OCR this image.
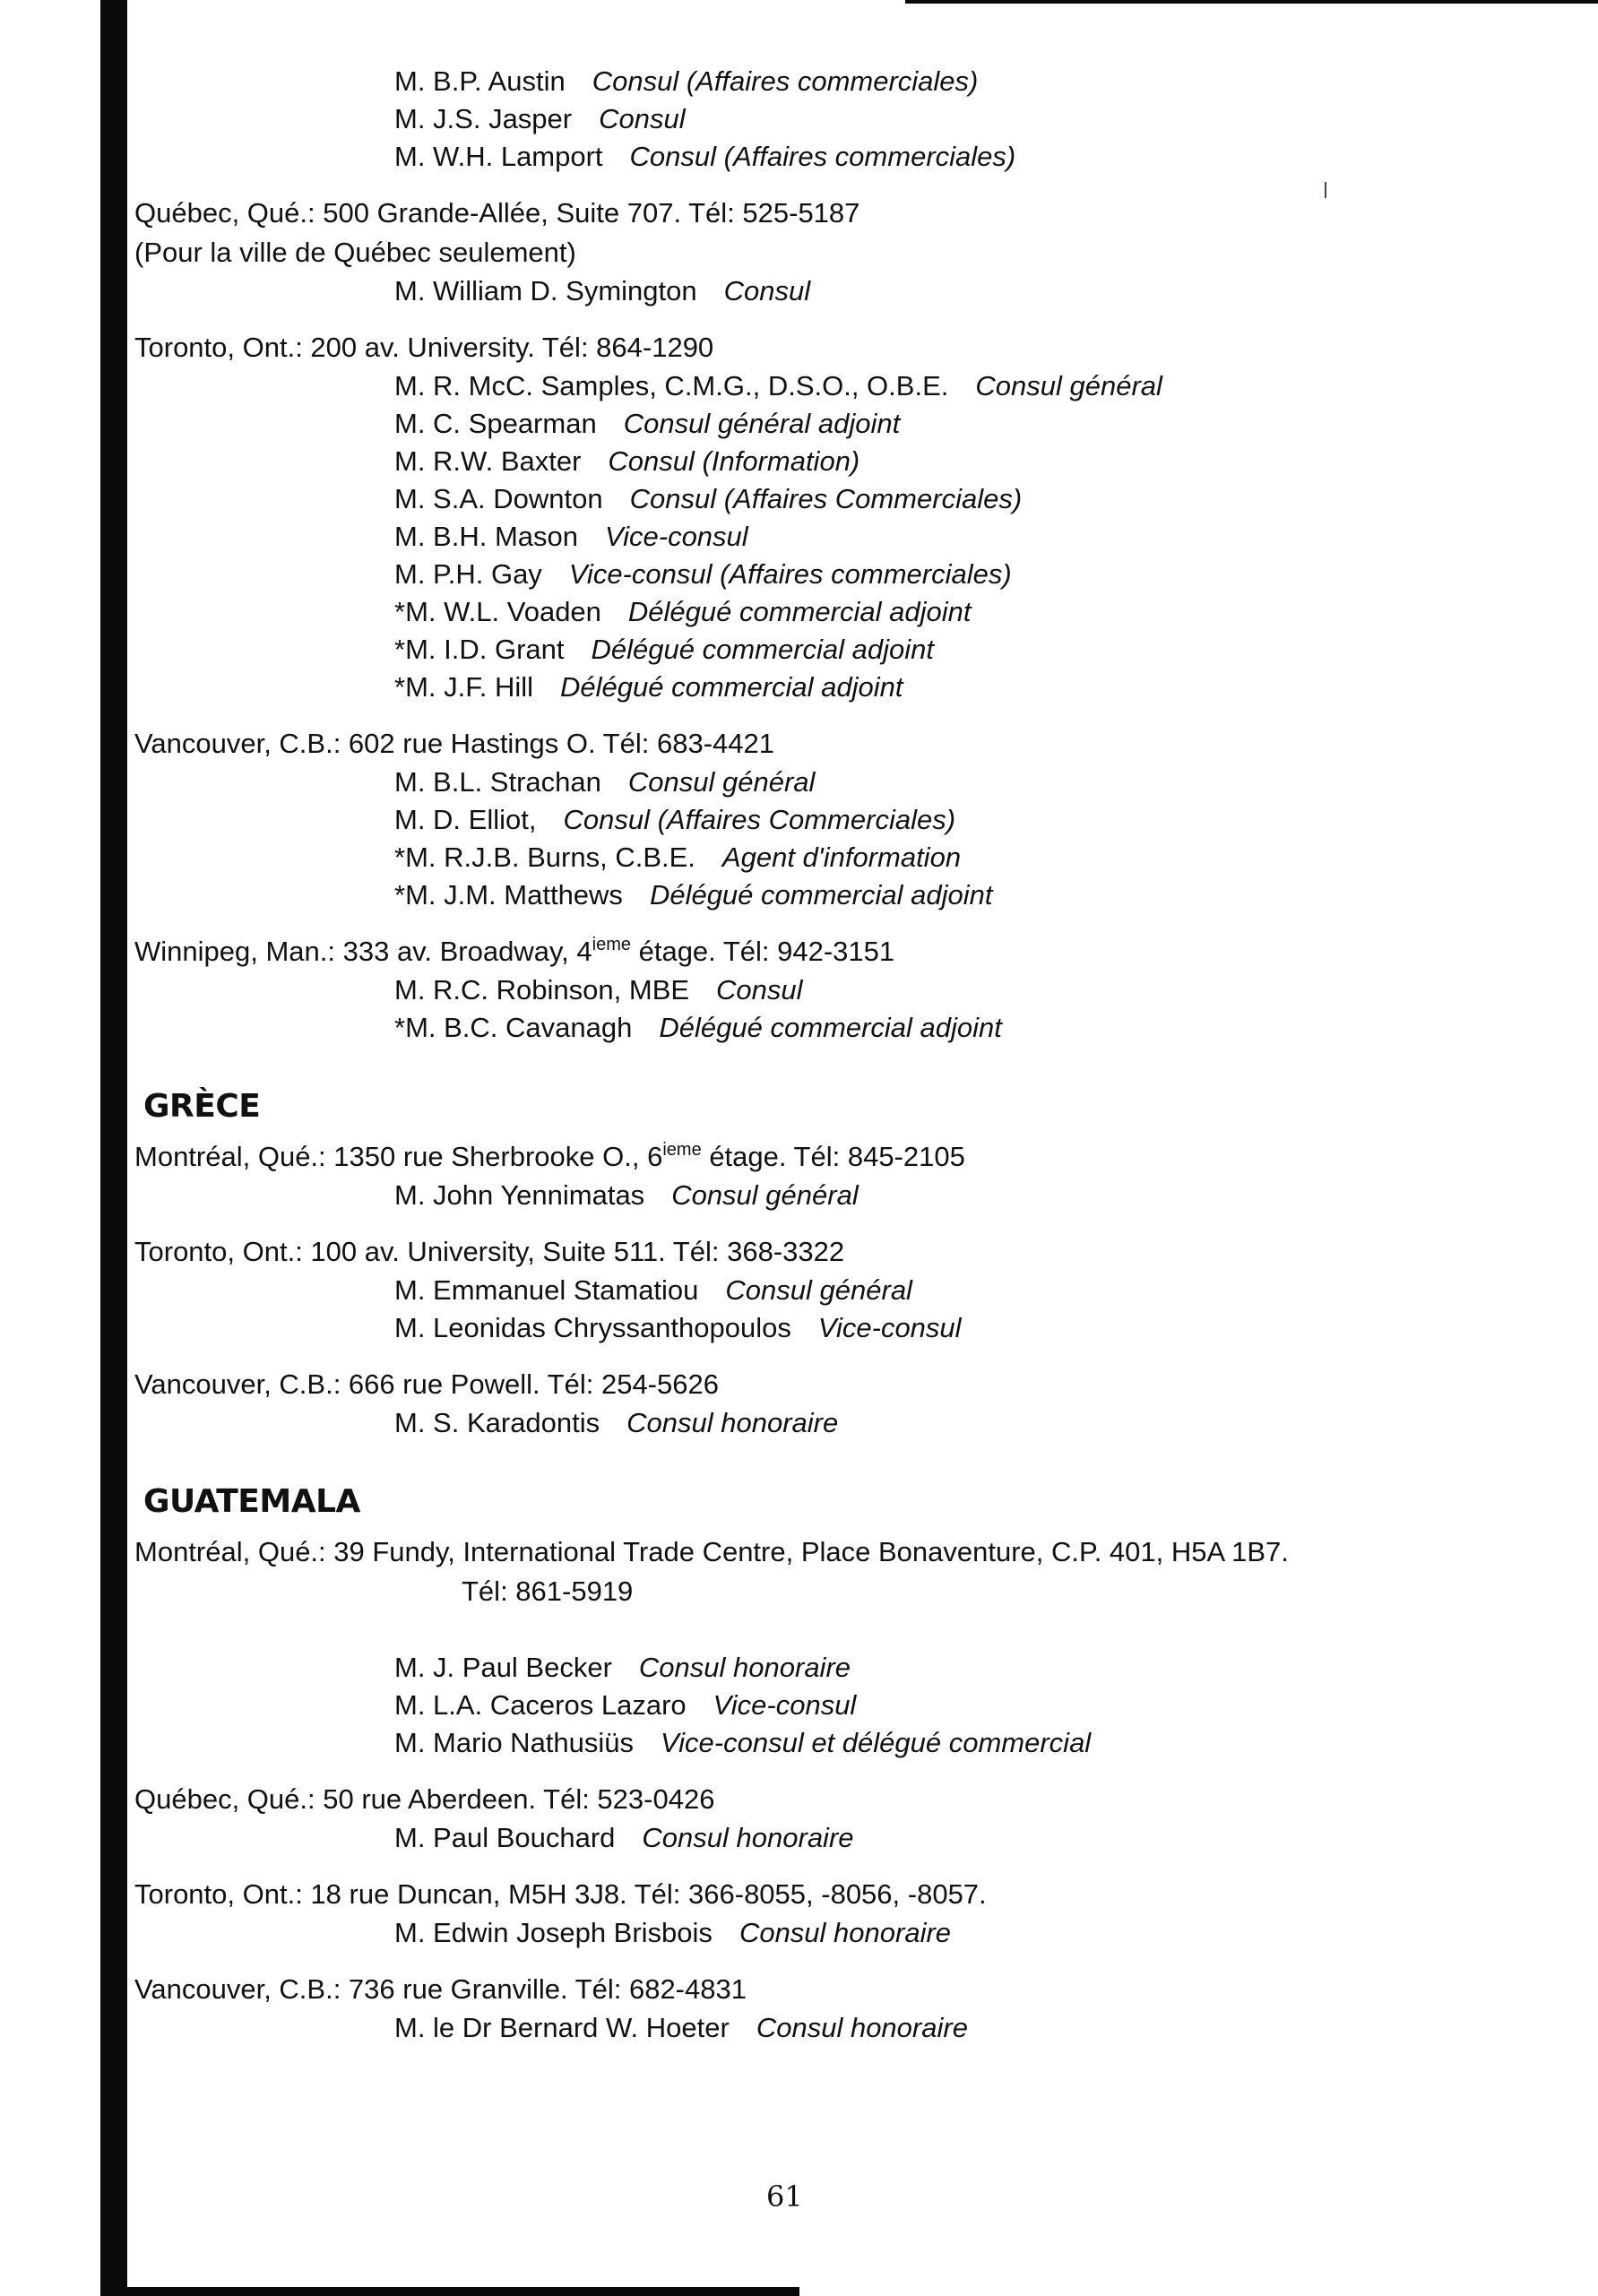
M. B.P. Austin Consul (Affaires commerciales)
M. J.S. Jasper Consul
M. W.H. Lamport Consul (Affaires commerciales)
Québec, Qué.: 500 Grande-Allée, Suite 707. Tél: 525-5187
(Pour la ville de Québec seulement)
M. William D. Symington Consul
Toronto, Ont.: 200 av. University. Tél: 864-1290
M. R. McC. Samples, C.M.G., D.S.O., O.B.E. Consul général
M. C. Spearman Consul général adjoint
M. R.W. Baxter Consul (Information)
M. S.A. Downton Consul (Affaires Commerciales)
M. B.H. Mason Vice-consul
M. P.H. Gay Vice-consul (Affaires commerciales)
*M. W.L. Voaden Délégué commercial adjoint
*M. I.D. Grant Délégué commercial adjoint
*M. J.F. Hill Délégué commercial adjoint
Vancouver, C.B.: 602 rue Hastings O. Tél: 683-4421
M. B.L. Strachan Consul général
M. D. Elliot, Consul (Affaires Commerciales)
*M. R.J.B. Burns, C.B.E. Agent d'information
*M. J.M. Matthews Délégué commercial adjoint
Winnipeg, Man.: 333 av. Broadway, 4ieme étage. Tél: 942-3151
M. R.C. Robinson, MBE Consul
*M. B.C. Cavanagh Délégué commercial adjoint
GRÈCE
Montréal, Qué.: 1350 rue Sherbrooke O., 6ieme étage. Tél: 845-2105
M. John Yennimatas Consul général
Toronto, Ont.: 100 av. University, Suite 511. Tél: 368-3322
M. Emmanuel Stamatiou Consul général
M. Leonidas Chryssanthopoulos Vice-consul
Vancouver, C.B.: 666 rue Powell. Tél: 254-5626
M. S. Karadontis Consul honoraire
GUATEMALA
Montréal, Qué.: 39 Fundy, International Trade Centre, Place Bonaventure, C.P. 401, H5A 1B7.
Tél: 861-5919
M. J. Paul Becker Consul honoraire
M. L.A. Caceros Lazaro Vice-consul
M. Mario Nathusiüs Vice-consul et délégué commercial
Québec, Qué.: 50 rue Aberdeen. Tél: 523-0426
M. Paul Bouchard Consul honoraire
Toronto, Ont.: 18 rue Duncan, M5H 3J8. Tél: 366-8055, -8056, -8057.
M. Edwin Joseph Brisbois Consul honoraire
Vancouver, C.B.: 736 rue Granville. Tél: 682-4831
M. le Dr Bernard W. Hoeter Consul honoraire
61
